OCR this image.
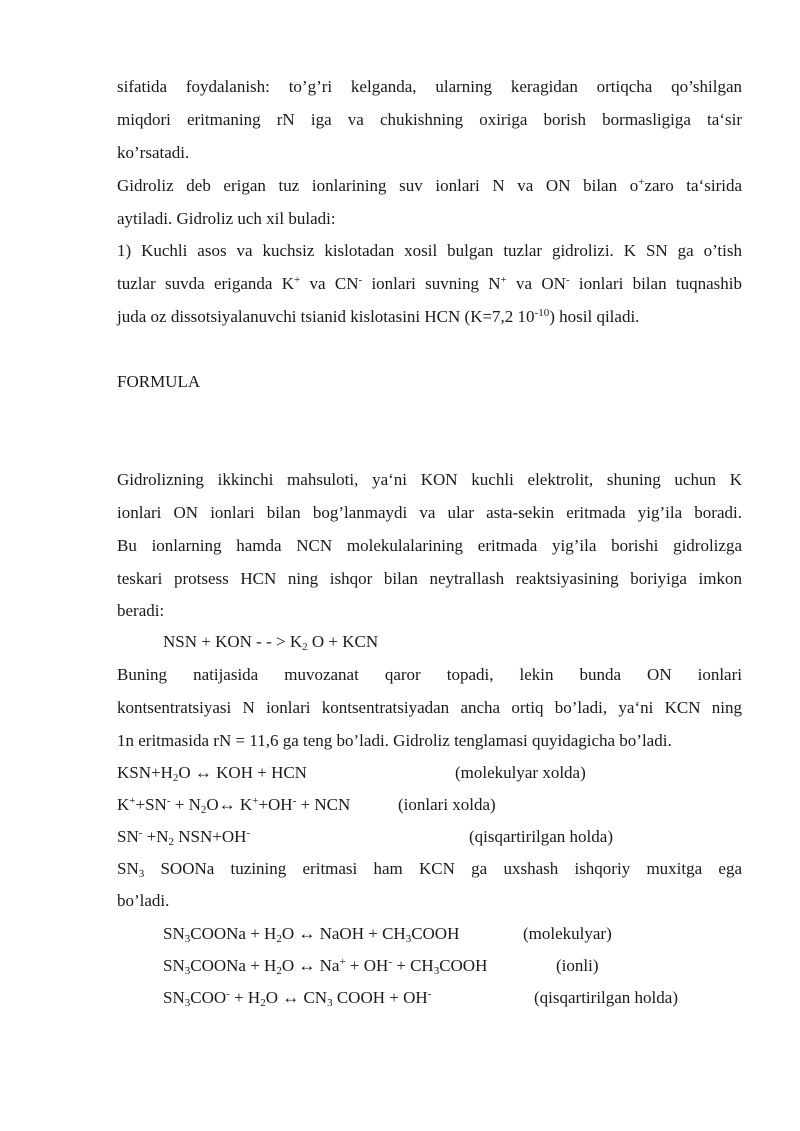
sifatida foydalanish: to’g’ri kelganda, ularning keragidan ortiqcha qo’shilgan
miqdori eritmaning rN iga va chukishning oxiriga borish bormasligiga ta‘sir
ko’rsatadi.
Gidroliz deb erigan tuz ionlarining suv ionlari N va ON bilan o+zaro ta‘sirida
aytiladi. Gidroliz uch xil buladi:
1) Kuchli asos va kuchsiz kislotadan xosil bulgan tuzlar gidrolizi. K SN ga o’tish
tuzlar suvda eriganda K+ va CN- ionlari suvning N+ va ON- ionlari bilan tuqnashib
juda oz dissotsiyalanuvchi tsianid kislotasini HCN (K=7,2 $10^{-10}$) hosil qiladi.
FORMULA
Gidrolizning ikkinchi mahsuloti, ya‘ni KON kuchli elektrolit, shuning uchun K
ionlari ON ionlari bilan bog’lanmaydi va ular asta-sekin eritmada yig’ila boradi.
Bu ionlarning hamda NCN molekulalarining eritmada yig’ila borishi gidrolizga
teskari protsess HCN ning ishqor bilan neytrallash reaktsiyasining boriyiga imkon
beradi:
NSN + KON - - > $K_2$ O + KCN
Buning natijasida muvozanat qaror topadi, lekin bunda ON ionlari
kontsentratsiyasi N ionlari kontsentratsiyadan ancha ortiq bo’ladi, ya‘ni KCN ning
1n eritmasida rN = 11,6 ga teng bo’ladi. Gidroliz tenglamasi quyidagicha bo’ladi.
$KSN+H_2O$ ↔ KOH + HCN	(molekulyar xolda)
$K^++SN^- + N_2O\leftrightarrow$ K++OH- + NCN	(ionlari xolda)
$SN^- +N_2$ NSN+OH-	(qisqartirilgan holda)
$SN_3$ SOONa tuzining eritmasi ham KCN ga uxshash ishqoriy muxitga ega
bo’ladi.
$SN_3COONa + H_2O$ ↔ NaOH + $CH_3COOH$	(molekulyar)
$SN_3COONa + H_2O$ ↔ $Na^+ + OH^- + CH_3COOH$	(ionli)
$SN_3COO^- + H_2O$ ↔ $CN_3$ COOH + OH-	(qisqartirilgan holda)
